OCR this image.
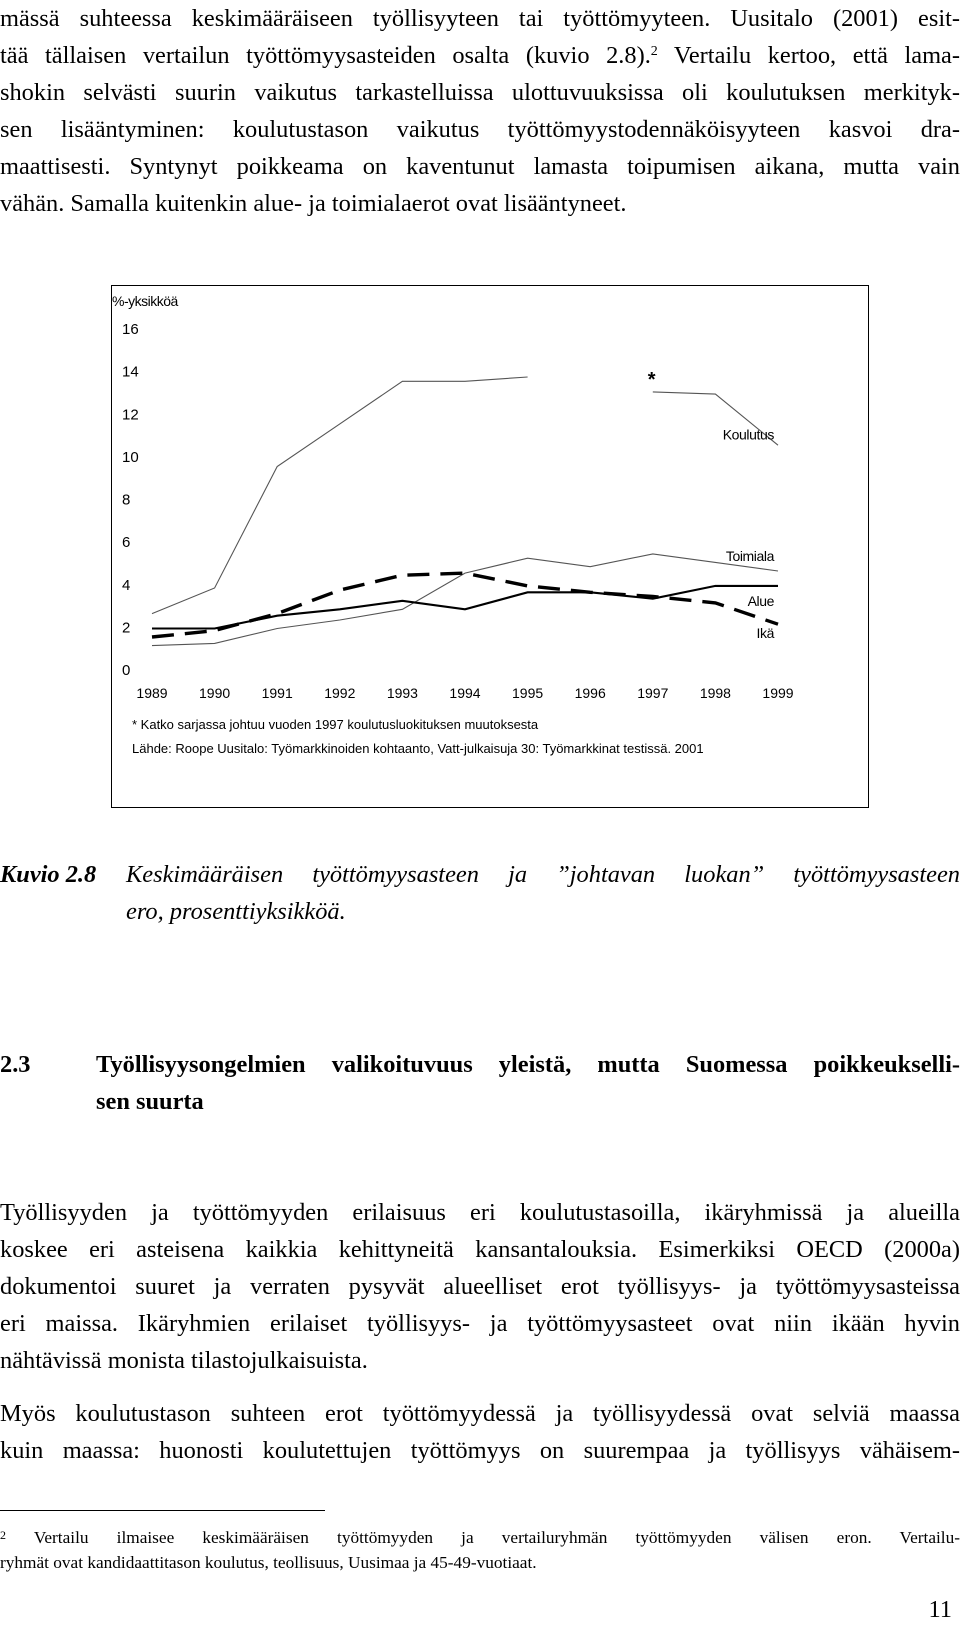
mässä suhteessa keskimääräiseen työllisyyteen tai työttömyyteen. Uusitalo (2001) esit-
tää tällaisen vertailun työttömyysasteiden osalta (kuvio 2.8).$^2$ Vertailu kertoo, että lama-
shokin selvästi suurin vaikutus tarkastelluissa ulottuvuuksissa oli koulutuksen merkityk-
sen lisääntyminen: koulutustason vaikutus työttömyystodennäköisyyteen kasvoi dra-
maattisesti. Syntynyt poikkeama on kaventunut lamasta toipumisen aikana, mutta vain
vähän. Samalla kuitenkin alue- ja toimialaerot ovat lisääntyneet.
%-yksikköä
0
2
4
6
8
10
12
14
16
1989 1990 1991 1992 1993 1994 1995 1996 1997 1998 1999
*
Koulutus
Toimiala
Alue
Ikä
* Katko sarjassa johtuu vuoden 1997 koulutusluokituksen muutoksesta
Lähde: Roope Uusitalo: Työmarkkinoiden kohtaanto, Vatt-julkaisuja 30: Työmarkkinat testissä. 2001
Kuvio 2.8 Keskimääräisen työttömyysasteen ja ”johtavan luokan” työttömyysasteen
ero, prosenttiyksikköä.
2.3	Työllisyysongelmien valikoituvuus yleistä, mutta Suomessa poikkeukselli-
sen suurta
Työllisyyden ja työttömyyden erilaisuus eri koulutustasoilla, ikäryhmissä ja alueilla
koskee eri asteisena kaikkia kehittyneitä kansantalouksia. Esimerkiksi OECD (2000a)
dokumentoi suuret ja verraten pysyvät alueelliset erot työllisyys- ja työttömyysasteissa
eri maissa. Ikäryhmien erilaiset työllisyys- ja työttömyysasteet ovat niin ikään hyvin
nähtävissä monista tilastojulkaisuista.
Myös koulutustason suhteen erot työttömyydessä ja työllisyydessä ovat selviä maassa
kuin maassa: huonosti koulutettujen työttömyys on suurempaa ja työllisyys vähäisem-
$^2$ Vertailu ilmaisee keskimääräisen työttömyyden ja vertailuryhmän työttömyyden välisen eron. Vertailu-
ryhmät ovat kandidaattitason koulutus, teollisuus, Uusimaa ja 45-49-vuotiaat.
11
